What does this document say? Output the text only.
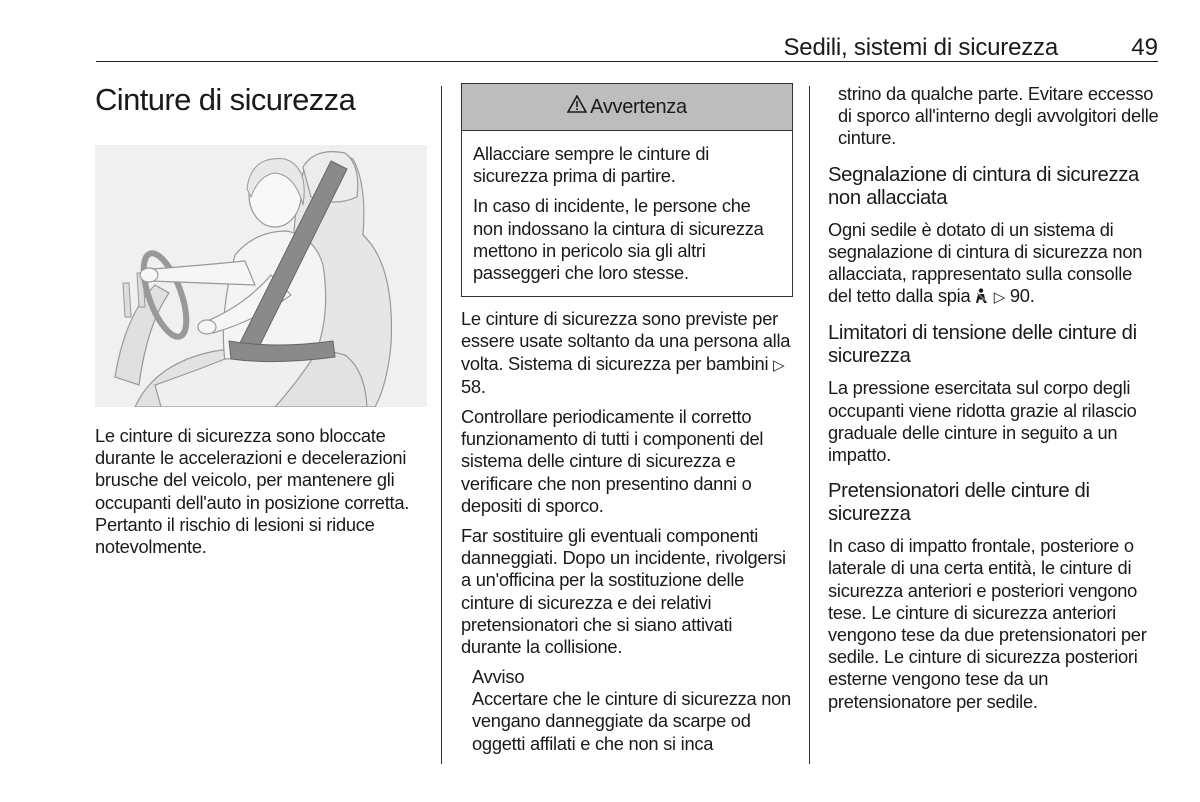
Sedili, sistemi di sicurezza	49
Cinture di sicurezza

Le cinture di sicurezza sono bloccate durante le accelerazioni e decelerazioni brusche del veicolo, per mantenere gli occupanti dell'auto in posizione corretta. Pertanto il rischio di lesioni si riduce notevolmente.

Avvertenza

Allacciare sempre le cinture di sicurezza prima di partire.

In caso di incidente, le persone che non indossano la cintura di sicurezza mettono in pericolo sia gli altri passeggeri che loro stesse.

Le cinture di sicurezza sono previste per essere usate soltanto da una persona alla volta. Sistema di sicurezza per bambini ▷ 58.

Controllare periodicamente il corretto funzionamento di tutti i componenti del sistema delle cinture di sicurezza e verificare che non presentino danni o depositi di sporco.

Far sostituire gli eventuali componenti danneggiati. Dopo un incidente, rivolgersi a un'officina per la sostituzione delle cinture di sicurezza e dei relativi pretensionatori che si siano attivati durante la collisione.

Avviso

Accertare che le cinture di sicurezza non vengano danneggiate da scarpe od oggetti affilati e che non si inca

strino da qualche parte. Evitare eccesso di sporco all'interno degli avvolgitori delle cinture.

Segnalazione di cintura di sicurezza non allacciata

Ogni sedile è dotato di un sistema di segnalazione di cintura di sicurezza non allacciata, rappresentato sulla consolle del tetto dalla spia ▷ 90.

Limitatori di tensione delle cinture di sicurezza

La pressione esercitata sul corpo degli occupanti viene ridotta grazie al rilascio graduale delle cinture in seguito a un impatto.

Pretensionatori delle cinture di sicurezza

In caso di impatto frontale, posteriore o laterale di una certa entità, le cinture di sicurezza anteriori e posteriori vengono tese. Le cinture di sicurezza anteriori vengono tese da due pretensionatori per sedile. Le cinture di sicurezza posteriori esterne vengono tese da un pretensionatore per sedile.
